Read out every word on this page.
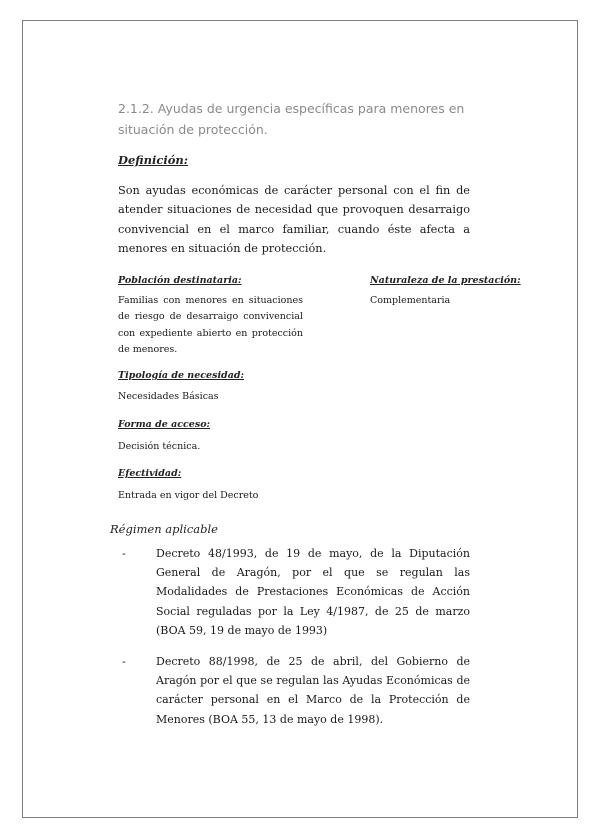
2.1.2. Ayudas de urgencia específicas para menores en situación de protección.
Definición:
Son ayudas económicas de carácter personal con el fin de atender situaciones de necesidad que provoquen desarraigo convivencial en el marco familiar, cuando éste afecta a menores en situación de protección.
Población destinataria:
Familias con menores en situaciones de riesgo de desarraigo convivencial con expediente abierto en protección de menores.
Naturaleza de la prestación:
Complementaria
Tipología de necesidad:
Necesidades Básicas
Forma de acceso:
Decisión técnica.
Efectividad:
Entrada en vigor del Decreto
Régimen aplicable
-	Decreto 48/1993, de 19 de mayo, de la Diputación General de Aragón, por el que se regulan las Modalidades de Prestaciones Económicas de Acción Social reguladas por la Ley 4/1987, de 25 de marzo (BOA 59, 19 de mayo de 1993)
-	Decreto 88/1998, de 25 de abril, del Gobierno de Aragón por el que se regulan las Ayudas Económicas de carácter personal en el Marco de la Protección de Menores (BOA 55, 13 de mayo de 1998).
